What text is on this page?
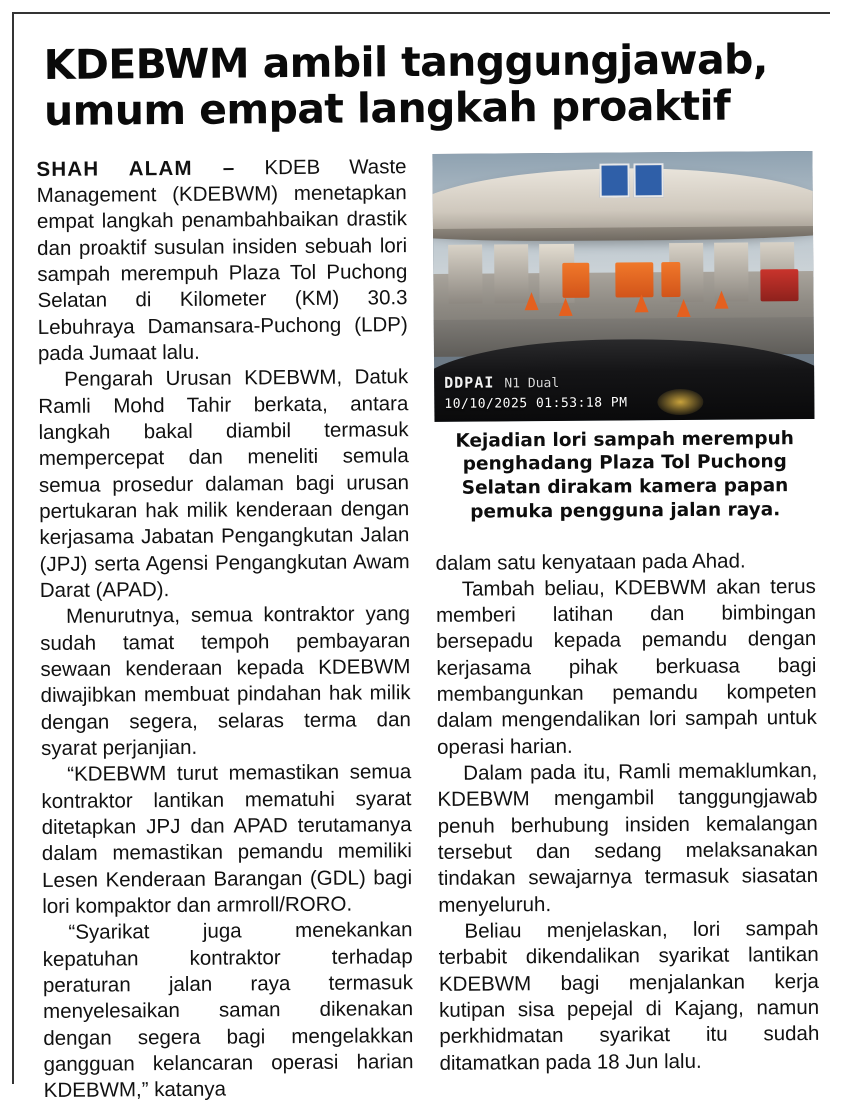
KDEBWM ambil tanggungjawab,
umum empat langkah proaktif

SHAH ALAM – KDEB Waste Management (KDEBWM) menetapkan empat langkah penambahbaikan drastik dan proaktif susulan insiden sebuah lori sampah merempuh Plaza Tol Puchong Selatan di Kilometer (KM) 30.3 Lebuhraya Damansara-Puchong (LDP) pada Jumaat lalu.

Pengarah Urusan KDEBWM, Datuk Ramli Mohd Tahir berkata, antara langkah bakal diambil termasuk mempercepat dan meneliti semula semua prosedur dalaman bagi urusan pertukaran hak milik kenderaan dengan kerjasama Jabatan Pengangkutan Jalan (JPJ) serta Agensi Pengangkutan Awam Darat (APAD).

Menurutnya, semua kontraktor yang sudah tamat tempoh pembayaran sewaan kenderaan kepada KDEBWM diwajibkan membuat pindahan hak milik dengan segera, selaras terma dan syarat perjanjian.

“KDEBWM turut memastikan semua kontraktor lantikan mematuhi syarat ditetapkan JPJ dan APAD terutamanya dalam memastikan pemandu memiliki Lesen Kenderaan Barangan (GDL) bagi lori kompaktor dan armroll/RORO.

“Syarikat juga menekankan kepatuhan kontraktor terhadap peraturan jalan raya termasuk menyelesaikan saman dikenakan dengan segera bagi mengelakkan gangguan kelancaran operasi harian KDEBWM,” katanya

DDPAI N1 Dual
10/10/2025 01:53:18 PM
Kejadian lori sampah merempuh penghadang Plaza Tol Puchong Selatan dirakam kamera papan pemuka pengguna jalan raya.

dalam satu kenyataan pada Ahad.

Tambah beliau, KDEBWM akan terus memberi latihan dan bimbingan bersepadu kepada pemandu dengan kerjasama pihak berkuasa bagi membangunkan pemandu kompeten dalam mengendalikan lori sampah untuk operasi harian.

Dalam pada itu, Ramli memaklumkan, KDEBWM mengambil tanggungjawab penuh berhubung insiden kemalangan tersebut dan sedang melaksanakan tindakan sewajarnya termasuk siasatan menyeluruh.

Beliau menjelaskan, lori sampah terbabit dikendalikan syarikat lantikan KDEBWM bagi menjalankan kerja kutipan sisa pepejal di Kajang, namun perkhidmatan syarikat itu sudah ditamatkan pada 18 Jun lalu.
